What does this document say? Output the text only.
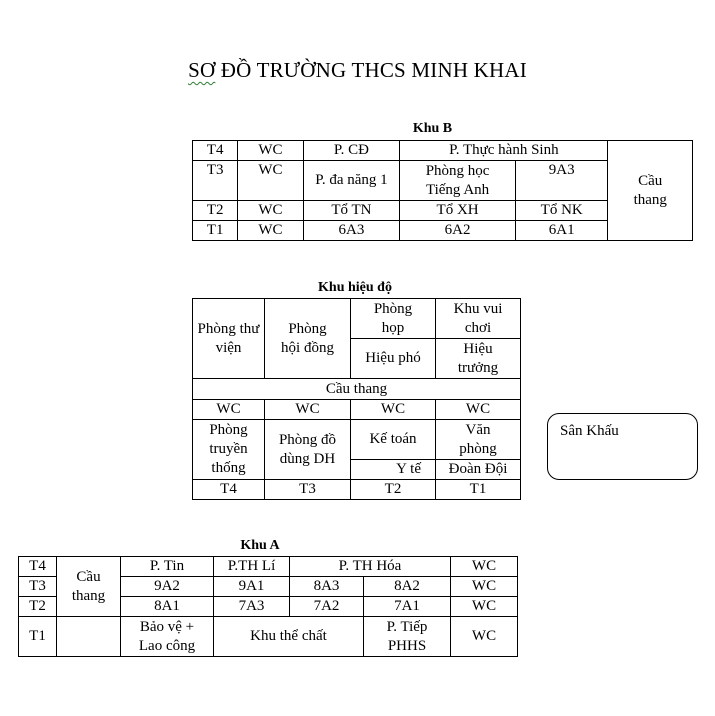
SƠ ĐỒ TRƯỜNG THCS MINH KHAI
Khu B
T4	WC	P. CĐ	P. Thực hành Sinh		Cầu thang
T3	WC	P. đa năng 1	Phòng học Tiếng Anh	9A3	
T2	WC	Tổ TN	Tổ XH	Tổ NK	
T1	WC	6A3	6A2	6A1	
Khu hiệu độ
Phòng thư viện	Phòng hội đồng	Phòng họp	Khu vui chơi
		Hiệu phó	Hiệu trưởng
Cầu thang			
WC	WC	WC	WC
Phòng truyền thống	Phòng đồ dùng DH	Kế toán	Văn phòng
		Y tế	Đoàn Đội
T4	T3	T2	T1
Sân Khấu
Khu A
T4	Cầu thang	P. Tin	P.TH Lí	P. TH Hóa		WC
T3		9A2	9A1	8A3	8A2	WC
T2		8A1	7A3	7A2	7A1	WC
T1		Bảo vệ + Lao công	Khu thể chất		P. Tiếp PHHS	WC
